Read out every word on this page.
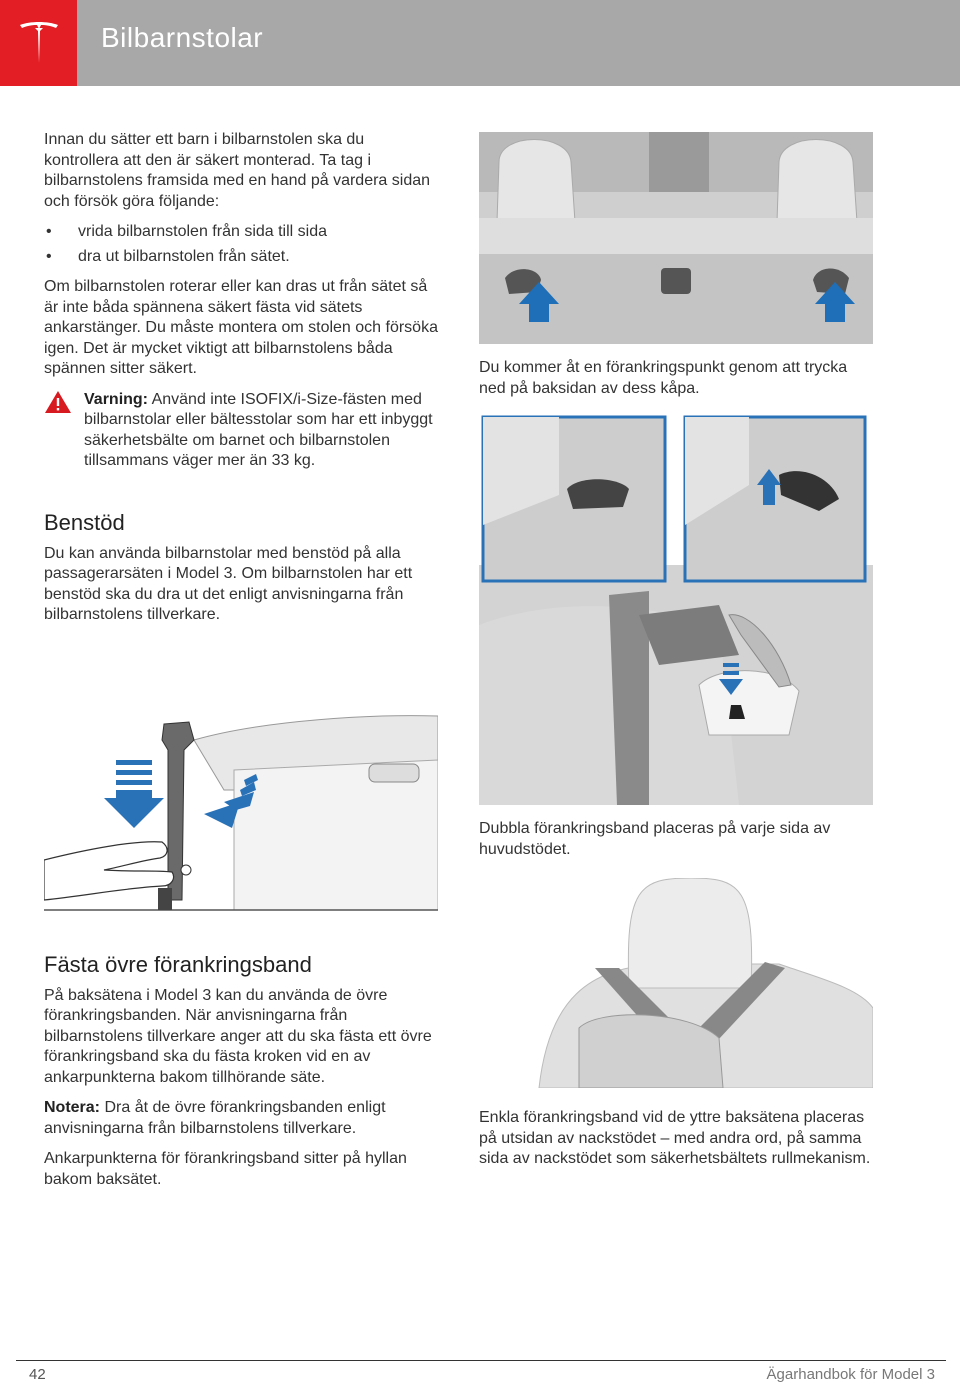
Bilbarnstolar

Innan du sätter ett barn i bilbarnstolen ska du kontrollera att den är säkert monterad. Ta tag i bilbarnstolens framsida med en hand på vardera sidan och försök göra följande:

• vrida bilbarnstolen från sida till sida
• dra ut bilbarnstolen från sätet.

Om bilbarnstolen roterar eller kan dras ut från sätet så är inte båda spännena säkert fästa vid sätets ankarstänger. Du måste montera om stolen och försöka igen. Det är mycket viktigt att bilbarnstolens båda spännen sitter säkert.

Varning: Använd inte ISOFIX/i-Size-fästen med bilbarnstolar eller bältesstolar som har ett inbyggt säkerhetsbälte om barnet och bilbarnstolen tillsammans väger mer än 33 kg.

Benstöd

Du kan använda bilbarnstolar med benstöd på alla passagerarsäten i Model 3. Om bilbarnstolen har ett benstöd ska du dra ut det enligt anvisningarna från bilbarnstolens tillverkare.

Fästa övre förankringsband

På baksätena i Model 3 kan du använda de övre förankringsbanden. När anvisningarna från bilbarnstolens tillverkare anger att du ska fästa ett övre förankringsband ska du fästa kroken vid en av ankarpunkterna bakom tillhörande säte.

Notera: Dra åt de övre förankringsbanden enligt anvisningarna från bilbarnstolens tillverkare.

Ankarpunkterna för förankringsband sitter på hyllan bakom baksätet.

Du kommer åt en förankringspunkt genom att trycka ned på baksidan av dess kåpa.

Dubbla förankringsband placeras på varje sida av huvudstödet.

Enkla förankringsband vid de yttre baksätena placeras på utsidan av nackstödet – med andra ord, på samma sida av nackstödet som säkerhetsbältets rullmekanism.

42	Ägarhandbok för Model 3
